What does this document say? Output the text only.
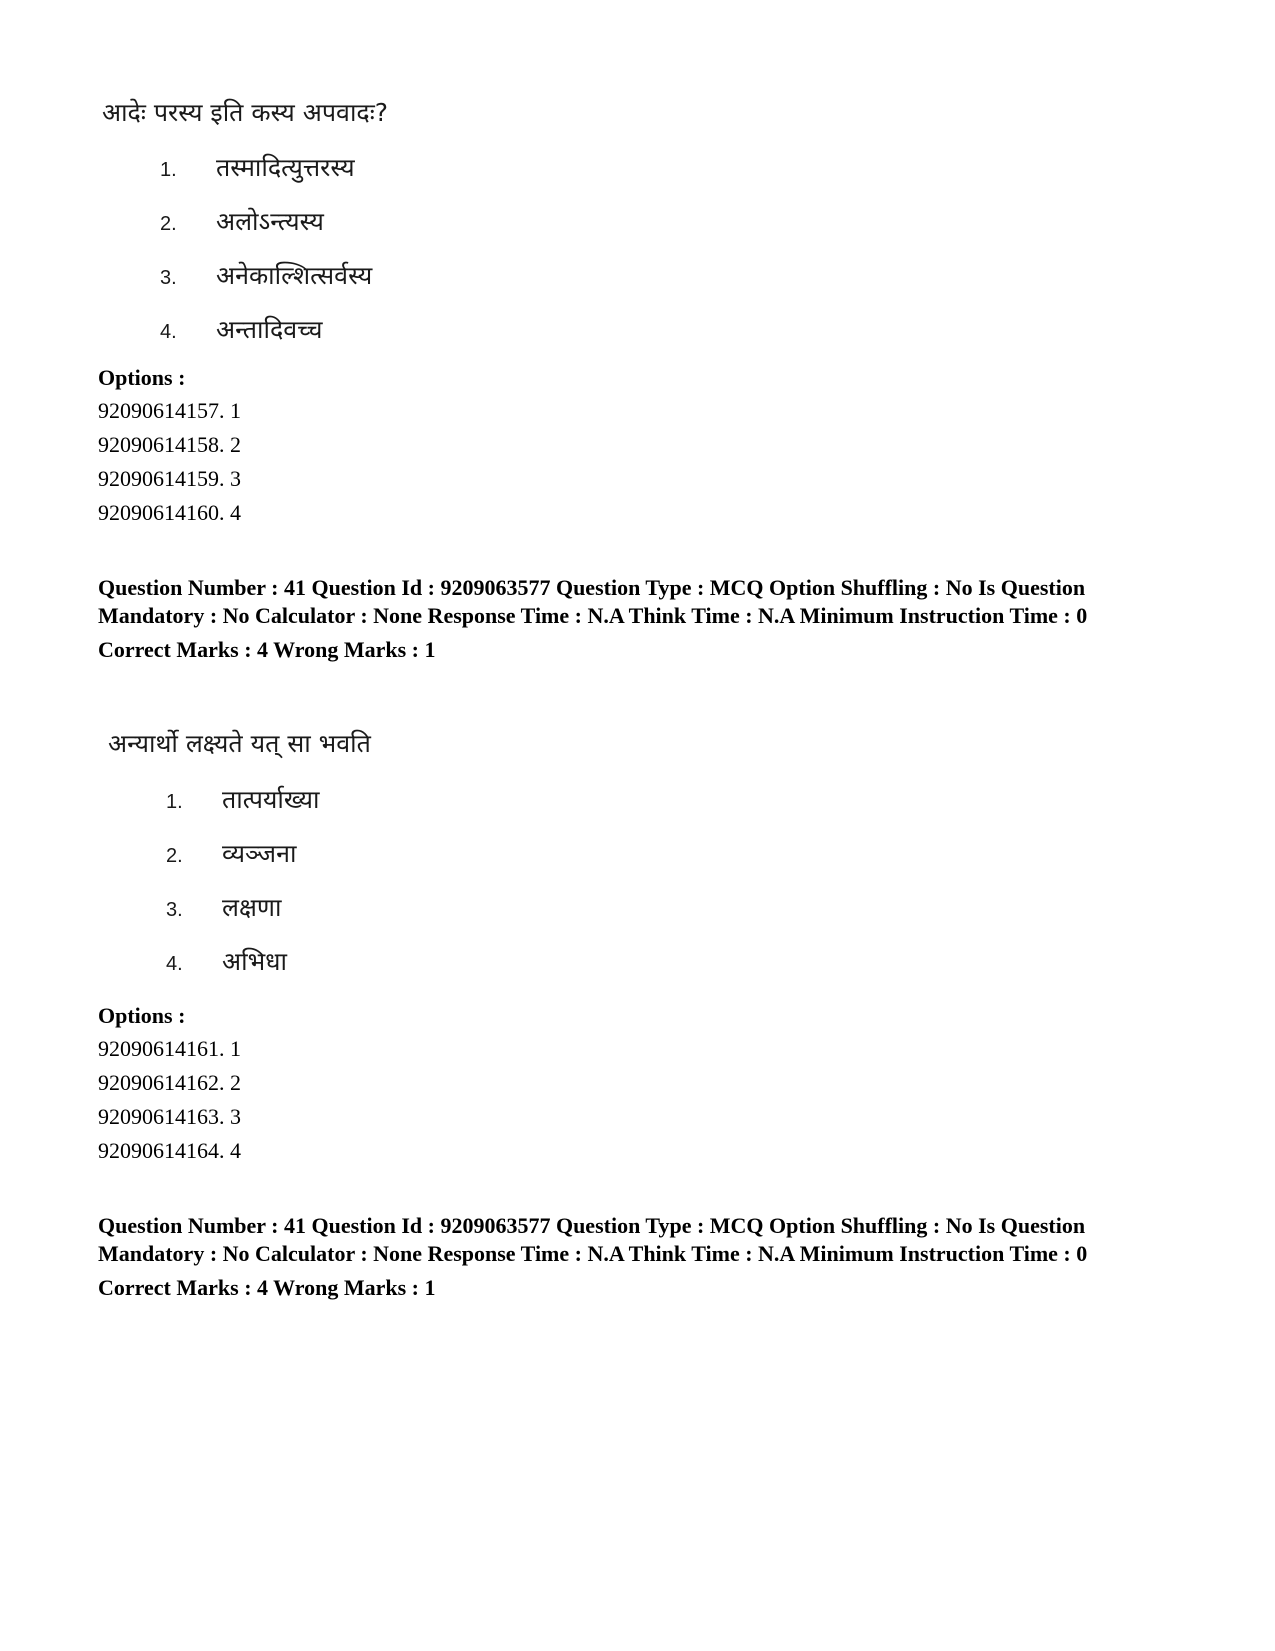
आदेः परस्य इति कस्य अपवादः?
1. तस्मादित्युत्तरस्य
2. अलोऽन्त्यस्य
3. अनेकाल्शित्सर्वस्य
4. अन्तादिवच्च
Options :
92090614157. 1
92090614158. 2
92090614159. 3
92090614160. 4
Question Number : 41 Question Id : 9209063577 Question Type : MCQ Option Shuffling : No Is Question Mandatory : No Calculator : None Response Time : N.A Think Time : N.A Minimum Instruction Time : 0
Correct Marks : 4 Wrong Marks : 1
अन्यार्थो लक्ष्यते यत् सा भवति
1. तात्पर्याख्या
2. व्यञ्जना
3. लक्षणा
4. अभिधा
Options :
92090614161. 1
92090614162. 2
92090614163. 3
92090614164. 4
Question Number : 41 Question Id : 9209063577 Question Type : MCQ Option Shuffling : No Is Question Mandatory : No Calculator : None Response Time : N.A Think Time : N.A Minimum Instruction Time : 0
Correct Marks : 4 Wrong Marks : 1
